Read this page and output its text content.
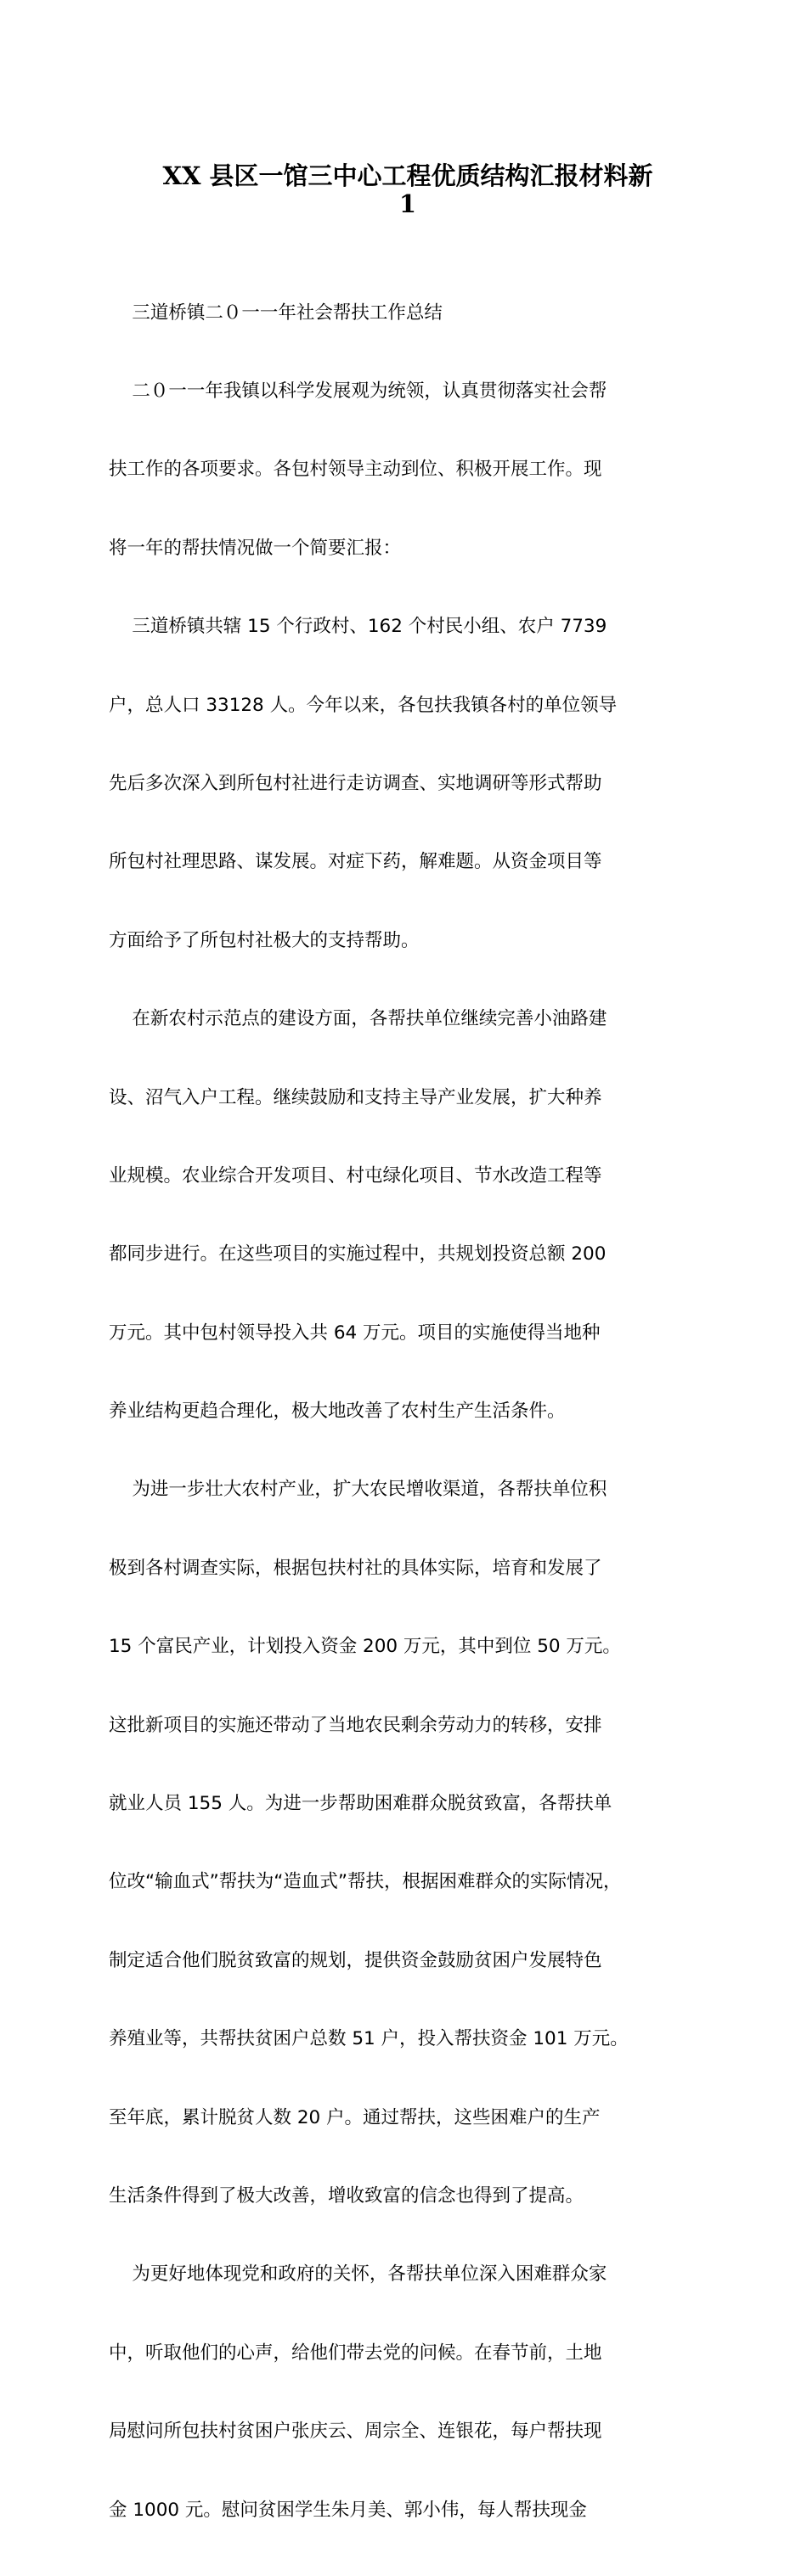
XX 县区一馆三中心工程优质结构汇报材料新
1

三道桥镇二０一一年社会帮扶工作总结

二０一一年我镇以科学发展观为统领，认真贯彻落实社会帮

扶工作的各项要求。各包村领导主动到位、积极开展工作。现

将一年的帮扶情况做一个简要汇报：

三道桥镇共辖 15 个行政村、162 个村民小组、农户 7739

户，总人口 33128 人。今年以来，各包扶我镇各村的单位领导

先后多次深入到所包村社进行走访调查、实地调研等形式帮助

所包村社理思路、谋发展。对症下药，解难题。从资金项目等

方面给予了所包村社极大的支持帮助。

在新农村示范点的建设方面，各帮扶单位继续完善小油路建

设、沼气入户工程。继续鼓励和支持主导产业发展，扩大种养

业规模。农业综合开发项目、村屯绿化项目、节水改造工程等

都同步进行。在这些项目的实施过程中，共规划投资总额 200

万元。其中包村领导投入共 64 万元。项目的实施使得当地种

养业结构更趋合理化，极大地改善了农村生产生活条件。

为进一步壮大农村产业，扩大农民增收渠道，各帮扶单位积

极到各村调查实际，根据包扶村社的具体实际，培育和发展了

15 个富民产业，计划投入资金 200 万元，其中到位 50 万元。

这批新项目的实施还带动了当地农民剩余劳动力的转移，安排

就业人员 155 人。为进一步帮助困难群众脱贫致富，各帮扶单

位改“输血式”帮扶为“造血式”帮扶，根据困难群众的实际情况，

制定适合他们脱贫致富的规划，提供资金鼓励贫困户发展特色

养殖业等，共帮扶贫困户总数 51 户，投入帮扶资金 101 万元。

至年底，累计脱贫人数 20 户。通过帮扶，这些困难户的生产

生活条件得到了极大改善，增收致富的信念也得到了提高。

为更好地体现党和政府的关怀，各帮扶单位深入困难群众家

中，听取他们的心声，给他们带去党的问候。在春节前，土地

局慰问所包扶村贫困户张庆云、周宗全、连银花，每户帮扶现

金 1000 元。慰问贫困学生朱月美、郭小伟，每人帮扶现金
